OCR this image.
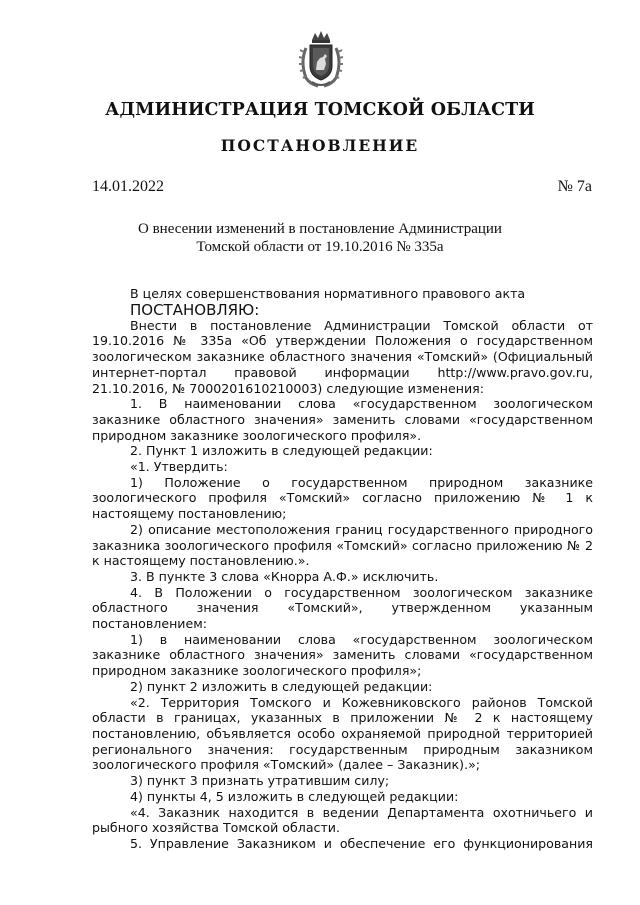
АДМИНИСТРАЦИЯ ТОМСКОЙ ОБЛАСТИ
ПОСТАНОВЛЕНИЕ
14.01.2022	№ 7а
О внесении изменений в постановление Администрации
Томской области от 19.10.2016 № 335а

В целях совершенствования нормативного правового акта

ПОСТАНОВЛЯЮ:

Внести в постановление Администрации Томской области от 19.10.2016 № 335а «Об утверждении Положения о государственном зоологическом заказнике областного значения «Томский» (Официальный интернет-портал правовой информации http://www.pravo.gov.ru, 21.10.2016, № 7000201610210003) следующие изменения:

1. В наименовании слова «государственном зоологическом заказнике областного значения» заменить словами «государственном природном заказнике зоологического профиля».

2. Пункт 1 изложить в следующей редакции:

«1. Утвердить:

1) Положение о государственном природном заказнике зоологического профиля «Томский» согласно приложению № 1 к настоящему постановлению;

2) описание местоположения границ государственного природного заказника зоологического профиля «Томский» согласно приложению № 2 к настоящему постановлению.».

3. В пункте 3 слова «Кнорра А.Ф.» исключить.

4. В Положении о государственном зоологическом заказнике областного значения «Томский», утвержденном указанным постановлением:

1) в наименовании слова «государственном зоологическом заказнике областного значения» заменить словами «государственном природном заказнике зоологического профиля»;

2) пункт 2 изложить в следующей редакции:

«2. Территория Томского и Кожевниковского районов Томской области в границах, указанных в приложении № 2 к настоящему постановлению, объявляется особо охраняемой природной территорией регионального значения: государственным природным заказником зоологического профиля «Томский» (далее – Заказник).»;

3) пункт 3 признать утратившим силу;

4) пункты 4, 5 изложить в следующей редакции:

«4. Заказник находится в ведении Департамента охотничьего и рыбного хозяйства Томской области.

5. Управление Заказником и обеспечение его функционирования
